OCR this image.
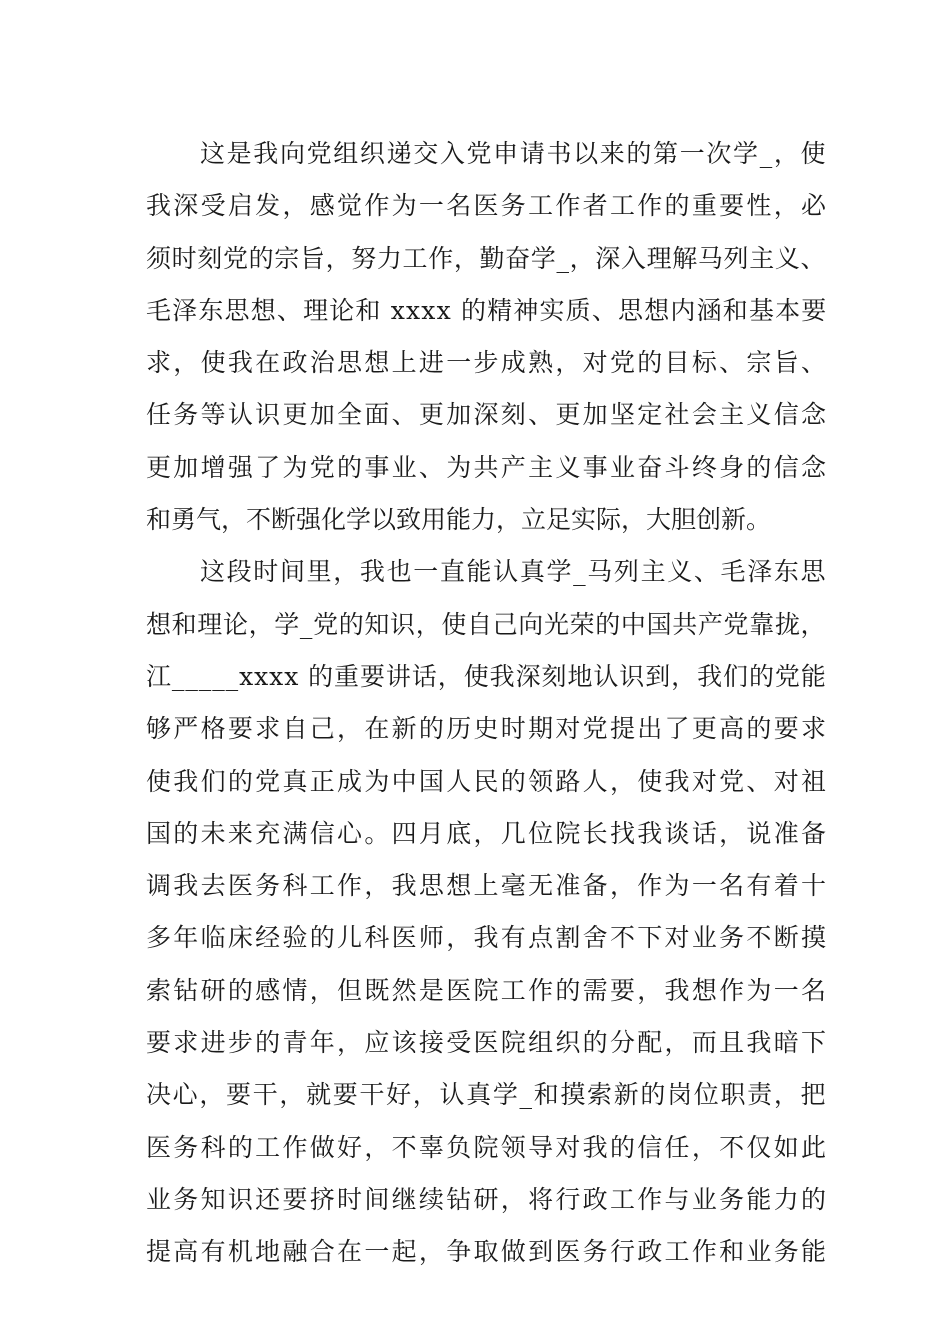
这是我向党组织递交入党申请书以来的第一次学_，使
我深受启发，感觉作为一名医务工作者工作的重要性，必
须时刻党的宗旨，努力工作，勤奋学_，深入理解马列主义、
毛泽东思想、理论和 xxxx 的精神实质、思想内涵和基本要
求，使我在政治思想上进一步成熟，对党的目标、宗旨、
任务等认识更加全面、更加深刻、更加坚定社会主义信念
更加增强了为党的事业、为共产主义事业奋斗终身的信念
和勇气，不断强化学以致用能力，立足实际，大胆创新。
这段时间里，我也一直能认真学_马列主义、毛泽东思
想和理论，学_党的知识，使自己向光荣的中国共产党靠拢，
江_____xxxx 的重要讲话，使我深刻地认识到，我们的党能
够严格要求自己，在新的历史时期对党提出了更高的要求
使我们的党真正成为中国人民的领路人，使我对党、对祖
国的未来充满信心。四月底，几位院长找我谈话，说准备
调我去医务科工作，我思想上毫无准备，作为一名有着十
多年临床经验的儿科医师，我有点割舍不下对业务不断摸
索钻研的感情，但既然是医院工作的需要，我想作为一名
要求进步的青年，应该接受医院组织的分配，而且我暗下
决心，要干，就要干好，认真学_和摸索新的岗位职责，把
医务科的工作做好，不辜负院领导对我的信任，不仅如此
业务知识还要挤时间继续钻研，将行政工作与业务能力的
提高有机地融合在一起，争取做到医务行政工作和业务能
